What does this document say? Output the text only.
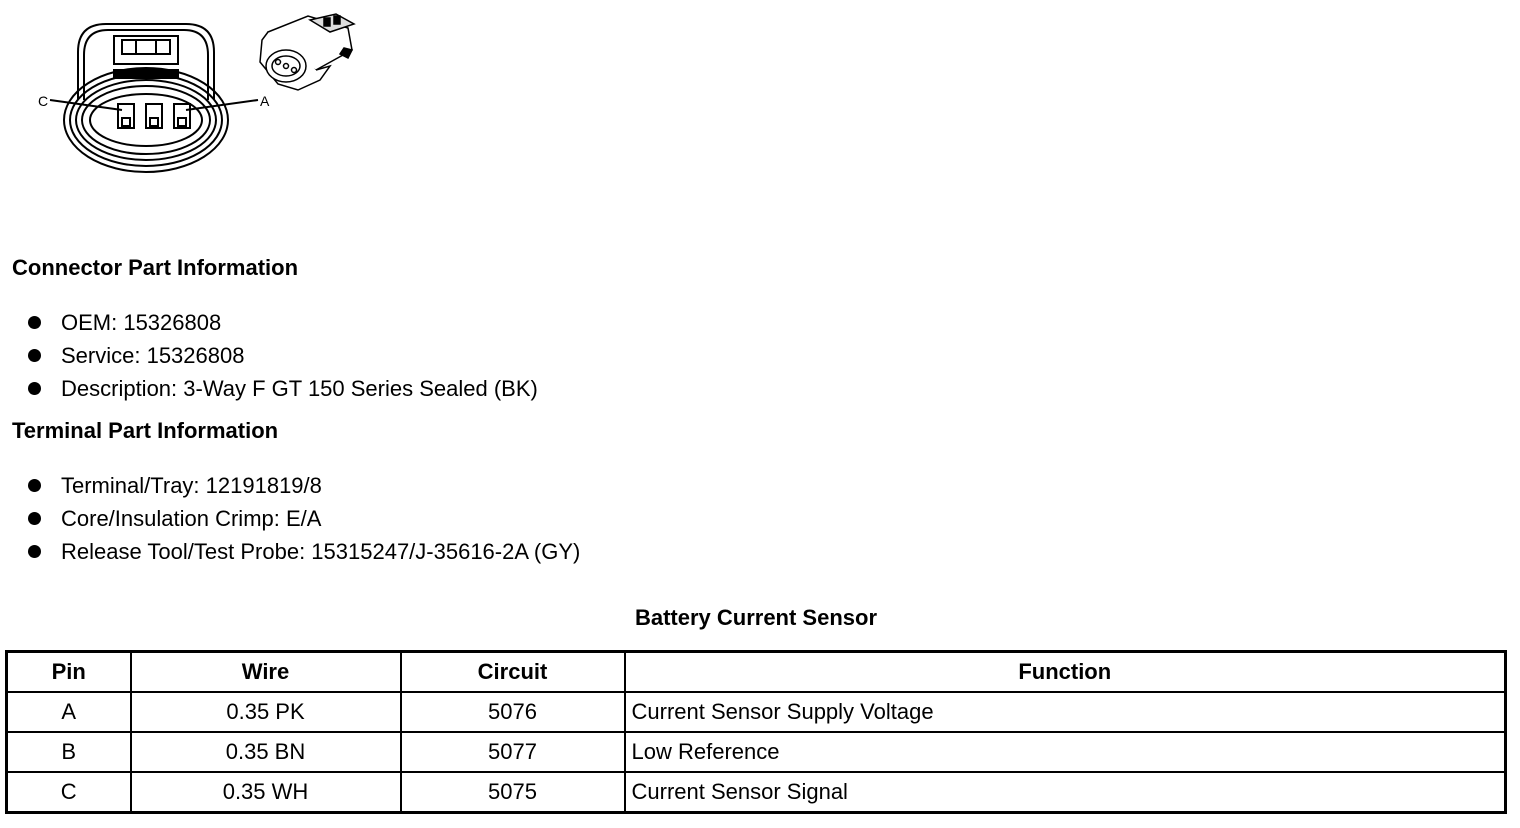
C	A
Connector Part Information
OEM: 15326808
Service: 15326808
Description: 3-Way F GT 150 Series Sealed (BK)
Terminal Part Information
Terminal/Tray: 12191819/8
Core/Insulation Crimp: E/A
Release Tool/Test Probe: 15315247/J-35616-2A (GY)
Battery Current Sensor
Pin	Wire	Circuit	Function
A	0.35 PK	5076	Current Sensor Supply Voltage
B	0.35 BN	5077	Low Reference
C	0.35 WH	5075	Current Sensor Signal
